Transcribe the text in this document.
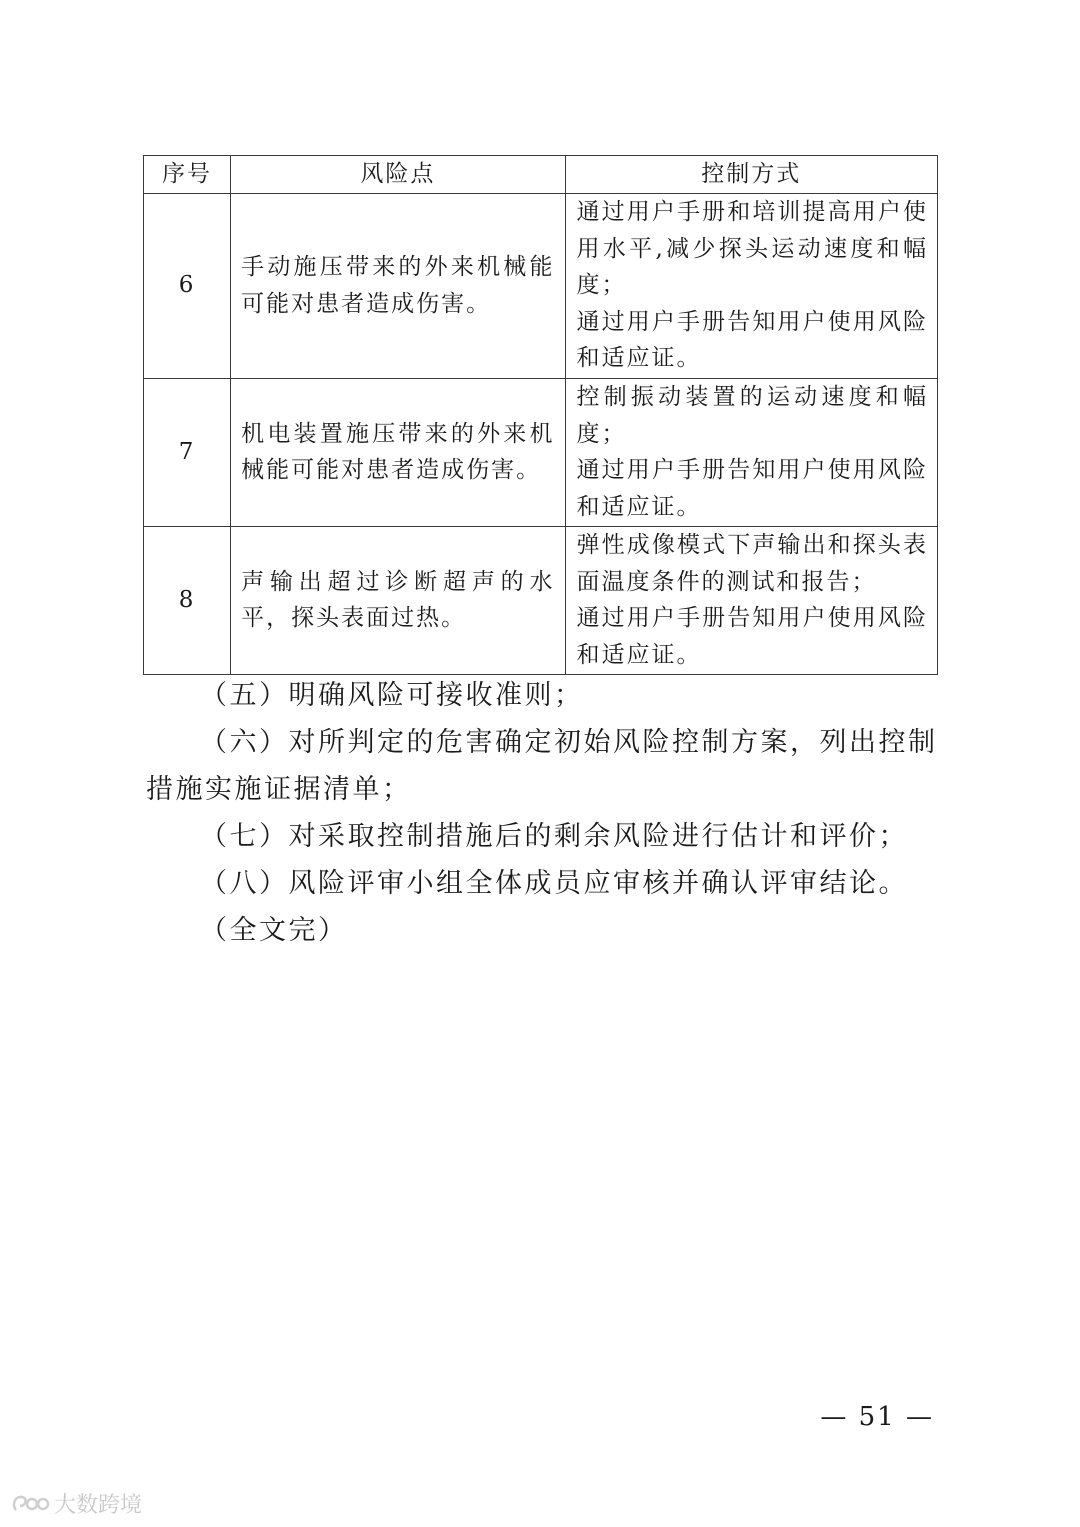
序号	风险点	控制方式
6	手动施压带来的外来机械能可能对患者造成伤害。	通过用户手册和培训提高用户使用水平,减少探头运动速度和幅度；
通过用户手册告知用户使用风险和适应证。

7	机电装置施压带来的外来机械能可能对患者造成伤害。	控制振动装置的运动速度和幅度；
通过用户手册告知用户使用风险和适应证。

8	声输出超过诊断超声的水平，探头表面过热。	弹性成像模式下声输出和探头表面温度条件的测试和报告；
通过用户手册告知用户使用风险和适应证。

（五）明确风险可接收准则；

（六）对所判定的危害确定初始风险控制方案，列出控制措施实施证据清单；

（七）对采取控制措施后的剩余风险进行估计和评价；

（八）风险评审小组全体成员应审核并确认评审结论。

（全文完）

— 51 —
大数跨境
